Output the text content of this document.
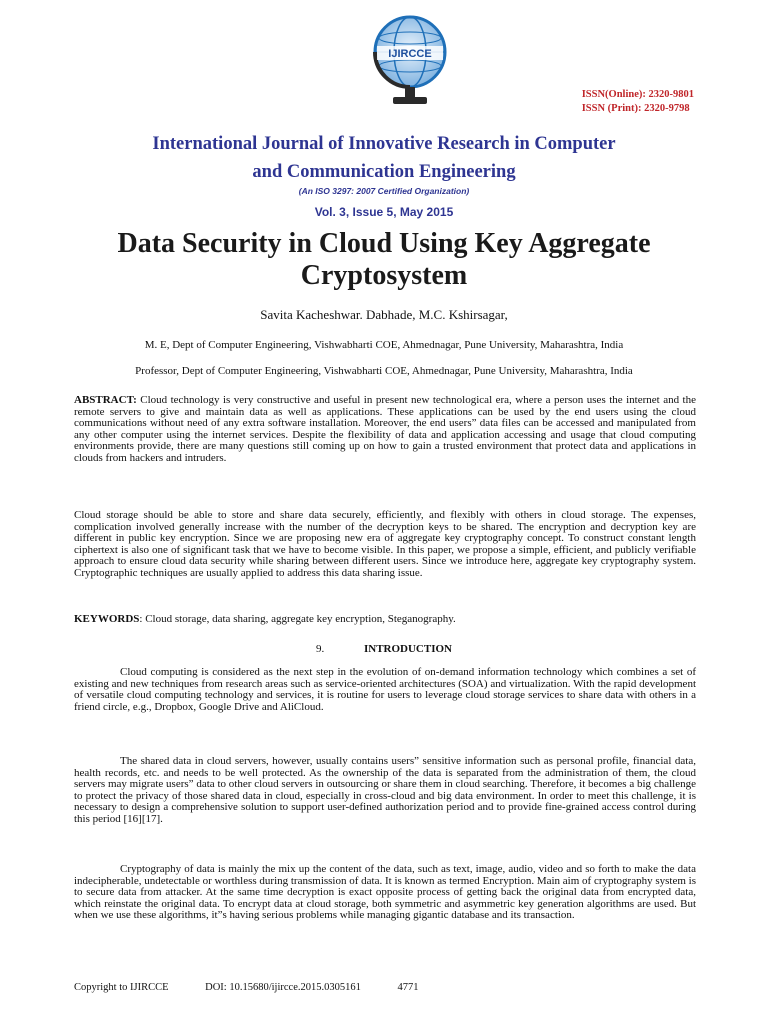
IJIRCCE
ISSN(Online): 2320-9801
ISSN (Print): 2320-9798
International Journal of Innovative Research in Computer
and Communication Engineering
(An ISO 3297: 2007 Certified Organization)
Vol. 3, Issue 5, May 2015
Data Security in Cloud Using Key Aggregate
Cryptosystem
Savita Kacheshwar. Dabhade, M.C. Kshirsagar,
M. E, Dept of Computer Engineering, Vishwabharti COE, Ahmednagar, Pune University, Maharashtra, India
Professor, Dept of Computer Engineering, Vishwabharti COE, Ahmednagar, Pune University, Maharashtra, India
ABSTRACT: Cloud technology is very constructive and useful in present new technological era, where a person uses the internet and the remote servers to give and maintain data as well as applications. These applications can be used by the end users using the cloud communications without need of any extra software installation. Moreover, the end users” data files can be accessed and manipulated from any other computer using the internet services. Despite the flexibility of data and application accessing and usage that cloud computing environments provide, there are many questions still coming up on how to gain a trusted environment that protect data and applications in clouds from hackers and intruders.
Cloud storage should be able to store and share data securely, efficiently, and flexibly with others in cloud storage. The expenses, complication involved generally increase with the number of the decryption keys to be shared. The encryption and decryption key are different in public key encryption. Since we are proposing new era of aggregate key cryptography concept. To construct constant length ciphertext is also one of significant task that we have to become visible. In this paper, we propose a simple, efficient, and publicly verifiable approach to ensure cloud data security while sharing between different users. Since we introduce here, aggregate key cryptography system. Cryptographic techniques are usually applied to address this data sharing issue.
KEYWORDS: Cloud storage, data sharing, aggregate key encryption, Steganography.
9.	INTRODUCTION
Cloud computing is considered as the next step in the evolution of on-demand information technology which combines a set of existing and new techniques from research areas such as service-oriented architectures (SOA) and virtualization. With the rapid development of versatile cloud computing technology and services, it is routine for users to leverage cloud storage services to share data with others in a friend circle, e.g., Dropbox, Google Drive and AliCloud.
The shared data in cloud servers, however, usually contains users” sensitive information such as personal profile, financial data, health records, etc. and needs to be well protected. As the ownership of the data is separated from the administration of them, the cloud servers may migrate users” data to other cloud servers in outsourcing or share them in cloud searching. Therefore, it becomes a big challenge to protect the privacy of those shared data in cloud, especially in cross-cloud and big data environment. In order to meet this challenge, it is necessary to design a comprehensive solution to support user-defined authorization period and to provide fine-grained access control during this period [16][17].
Cryptography of data is mainly the mix up the content of the data, such as text, image, audio, video and so forth to make the data indecipherable, undetectable or worthless during transmission of data. It is known as termed Encryption. Main aim of cryptography system is to secure data from attacker. At the same time decryption is exact opposite process of getting back the original data from encrypted data, which reinstate the original data. To encrypt data at cloud storage, both symmetric and asymmetric key generation algorithms are used. But when we use these algorithms, it”s having serious problems while managing gigantic database and its transaction.
Copyright to IJIRCCE	DOI: 10.15680/ijircce.2015.0305161	4771
